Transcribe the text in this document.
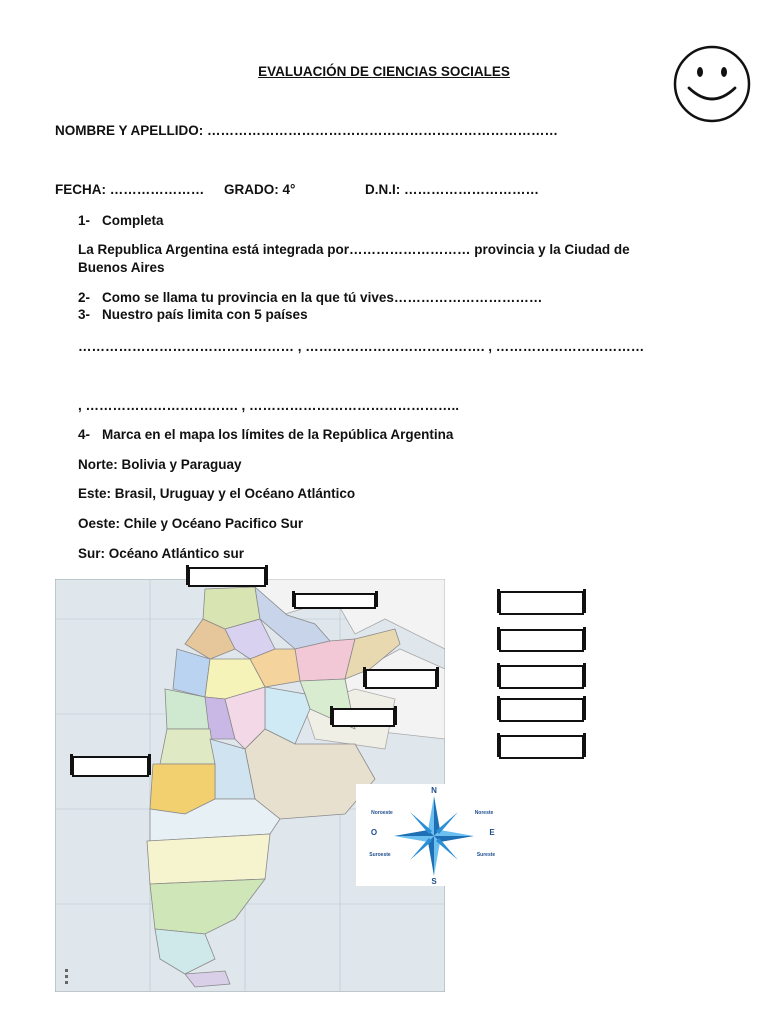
EVALUACIÓN DE CIENCIAS SOCIALES
NOMBRE Y APELLIDO: ……………………………………………………………………
FECHA: ………………… GRADO: 4°	D.N.I: …………………………
1- Completa
La Republica Argentina está integrada por……………………… provincia y la Ciudad de Buenos Aires
2- Como se llama tu provincia en la que tú vives……………………………
3- Nuestro país limita con 5 países
………………………………………… , …………………………………. , ……………………………
, ……………………………. , ………………………………………..
4- Marca en el mapa los límites de la República Argentina
Norte: Bolivia y Paraguay
Este: Brasil, Uruguay y el Océano Atlántico
Oeste: Chile y Océano Pacifico Sur
Sur: Océano Atlántico sur
N
S
E
O
Noroeste	Noreste
Suroeste	Sureste
